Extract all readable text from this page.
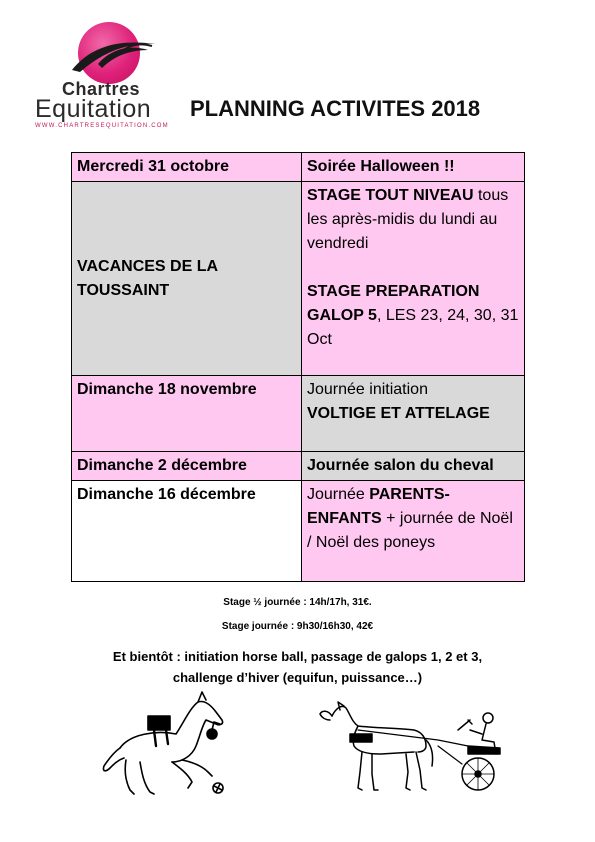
Chartres
Equitation
WWW.CHARTRESEQUITATION.COM
PLANNING ACTIVITES 2018
Mercredi 31 octobre	Soirée Halloween !!
VACANCES DE LA TOUSSAINT	STAGE TOUT NIVEAU tous les après-midis du lundi au vendredi
STAGE PREPARATION GALOP 5, LES 23, 24, 30, 31 Oct

Dimanche 18 novembre	Journée initiation
VOLTIGE ET ATTELAGE

Dimanche 2 décembre	Journée salon du cheval
Dimanche 16 décembre	Journée PARENTS-ENFANTS + journée de Noël / Noël des poneys
Stage ½ journée : 14h/17h, 31€.
Stage journée : 9h30/16h30, 42€
Et bientôt : initiation horse ball, passage de galops 1, 2 et 3, challenge d’hiver (equifun, puissance…)
